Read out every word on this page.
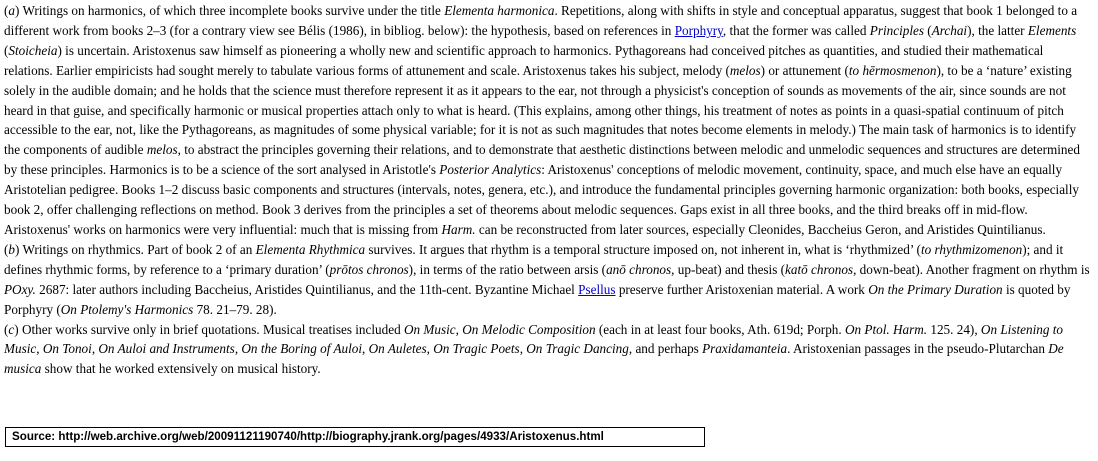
(a) Writings on harmonics, of which three incomplete books survive under the title Elementa harmonica. Repetitions, along with shifts in style and conceptual apparatus, suggest that book 1 belonged to a different work from books 2–3 (for a contrary view see Bélis (1986), in bibliog. below): the hypothesis, based on references in Porphyry, that the former was called Principles (Archai), the latter Elements (Stoicheia) is uncertain. Aristoxenus saw himself as pioneering a wholly new and scientific approach to harmonics. Pythagoreans had conceived pitches as quantities, and studied their mathematical relations. Earlier empiricists had sought merely to tabulate various forms of attunement and scale. Aristoxenus takes his subject, melody (melos) or attunement (to hērmosmenon), to be a ‘nature’ existing solely in the audible domain; and he holds that the science must therefore represent it as it appears to the ear, not through a physicist's conception of sounds as movements of the air, since sounds are not heard in that guise, and specifically harmonic or musical properties attach only to what is heard. (This explains, among other things, his treatment of notes as points in a quasi-spatial continuum of pitch accessible to the ear, not, like the Pythagoreans, as magnitudes of some physical variable; for it is not as such magnitudes that notes become elements in melody.) The main task of harmonics is to identify the components of audible melos, to abstract the principles governing their relations, and to demonstrate that aesthetic distinctions between melodic and unmelodic sequences and structures are determined by these principles. Harmonics is to be a science of the sort analysed in Aristotle's Posterior Analytics: Aristoxenus' conceptions of melodic movement, continuity, space, and much else have an equally Aristotelian pedigree. Books 1–2 discuss basic components and structures (intervals, notes, genera, etc.), and introduce the fundamental principles governing harmonic organization: both books, especially book 2, offer challenging reflections on method. Book 3 derives from the principles a set of theorems about melodic sequences. Gaps exist in all three books, and the third breaks off in mid-flow. Aristoxenus' works on harmonics were very influential: much that is missing from Harm. can be reconstructed from later sources, especially Cleonides, Baccheius Geron, and Aristides Quintilianus.

(b) Writings on rhythmics. Part of book 2 of an Elementa Rhythmica survives. It argues that rhythm is a temporal structure imposed on, not inherent in, what is ‘rhythmized’ (to rhythmizomenon); and it defines rhythmic forms, by reference to a ‘primary duration’ (prōtos chronos), in terms of the ratio between arsis (anō chronos, up-beat) and thesis (katō chronos, down-beat). Another fragment on rhythm is POxy. 2687: later authors including Baccheius, Aristides Quintilianus, and the 11th-cent. Byzantine Michael Psellus preserve further Aristoxenian material. A work On the Primary Duration is quoted by Porphyry (On Ptolemy's Harmonics 78. 21–79. 28).

(c) Other works survive only in brief quotations. Musical treatises included On Music, On Melodic Composition (each in at least four books, Ath. 619d; Porph. On Ptol. Harm. 125. 24), On Listening to Music, On Tonoi, On Auloi and Instruments, On the Boring of Auloi, On Auletes, On Tragic Poets, On Tragic Dancing, and perhaps Praxidamanteia. Aristoxenian passages in the pseudo-Plutarchan De musica show that he worked extensively on musical history.

Source: http://web.archive.org/web/20091121190740/http://biography.jrank.org/pages/4933/Aristoxenus.html
